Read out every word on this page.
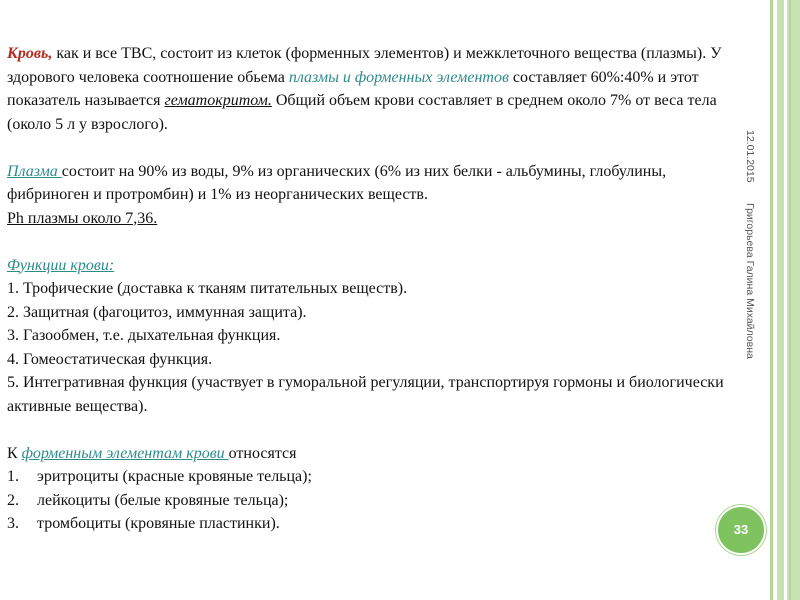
Кровь, как и все ТВС, состоит из клеток (форменных элементов) и межклеточного вещества (плазмы). У здорового человека соотношение обьема плазмы и форменных элементов составляет 60%:40% и этот показатель называется гематокритом. Общий объем крови составляет в среднем около 7% от веса тела (около 5 л у взрослого).

Плазма состоит на 90% из воды, 9% из органических (6% из них белки - альбумины, глобулины, фибриноген и протромбин) и 1% из неорганических веществ.

Ph плазмы около 7,36.

Функции крови:

1. Трофические (доставка к тканям питательных веществ).

2. Защитная (фагоцитоз, иммунная защита).

3. Газообмен, т.е. дыхательная функция.

4. Гомеостатическая функция.

5. Интегративная функция (участвует в гуморальной регуляции, транспортируя гормоны и биологически активные вещества).

К форменным элементам крови относятся

1. эритроциты (красные кровяные тельца);

2. лейкоциты (белые кровяные тельца);

3. тромбоциты (кровяные пластинки).

12.01.2015
Григорьева Галина Михайловна
33
